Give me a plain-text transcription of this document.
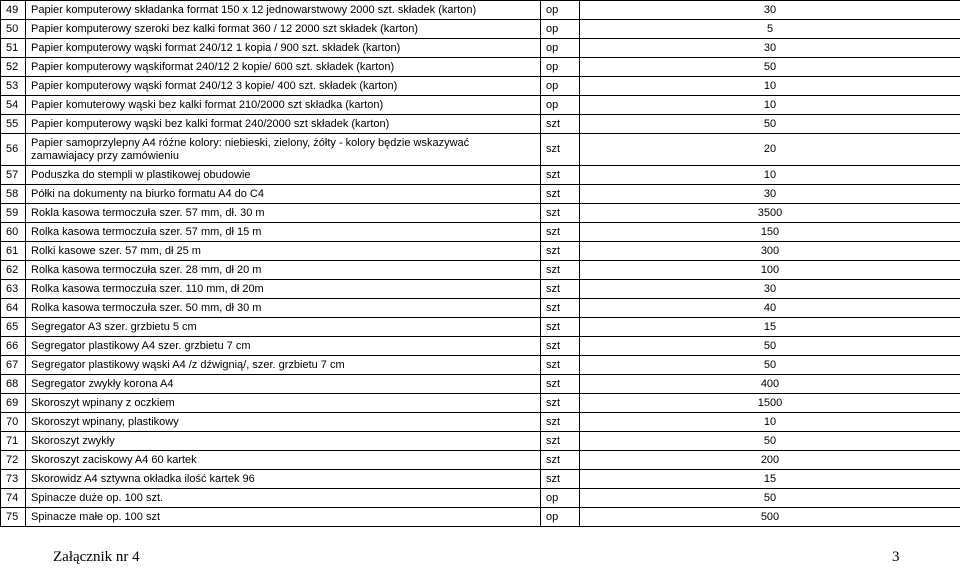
49	Papier komputerowy składanka format 150 x 12 jednowarstwowy 2000 szt. składek (karton)	op	30
50	Papier komputerowy szeroki bez kalki format 360 / 12 2000 szt składek (karton)	op	5
51	Papier komputerowy wąski format 240/12 1 kopia / 900 szt. składek (karton)	op	30
52	Papier komputerowy wąskiformat 240/12 2 kopie/ 600 szt. składek (karton)	op	50
53	Papier komputerowy wąski format 240/12 3 kopie/ 400 szt. składek (karton)	op	10
54	Papier komuterowy wąski bez kalki format 210/2000 szt składka (karton)	op	10
55	Papier komputerowy wąski bez kalki format 240/2000 szt składek (karton)	szt	50
56	Papier samoprzylepny A4 różne kolory: niebieski, zielony, żółty - kolory będzie wskazywać zamawiajacy przy zamówieniu	szt	20
57	Poduszka do stempli w plastikowej obudowie	szt	10
58	Półki na dokumenty na biurko formatu A4 do C4	szt	30
59	Rokla kasowa termoczuła szer. 57 mm, dł. 30 m	szt	3500
60	Rolka kasowa termoczuła szer. 57 mm, dł 15 m	szt	150
61	Rolki kasowe szer. 57 mm, dł 25 m	szt	300
62	Rolka kasowa termoczuła szer. 28 mm, dł 20 m	szt	100
63	Rolka kasowa termoczuła szer. 110 mm, dł 20m	szt	30
64	Rolka kasowa termoczuła szer. 50 mm, dł 30 m	szt	40
65	Segregator A3 szer. grzbietu 5 cm	szt	15
66	Segregator plastikowy A4 szer. grzbietu 7 cm	szt	50
67	Segregator plastikowy wąski A4 /z dźwignią/, szer. grzbietu 7 cm	szt	50
68	Segregator zwykły korona A4	szt	400
69	Skoroszyt wpinany z oczkiem	szt	1500
70	Skoroszyt wpinany, plastikowy	szt	10
71	Skoroszyt zwykły	szt	50
72	Skoroszyt zaciskowy A4 60 kartek	szt	200
73	Skorowidz A4 sztywna okładka ilość kartek 96	szt	15
74	Spinacze duże op. 100 szt.	op	50
75	Spinacze małe op. 100 szt	op	500
Załącznik nr 4	3
